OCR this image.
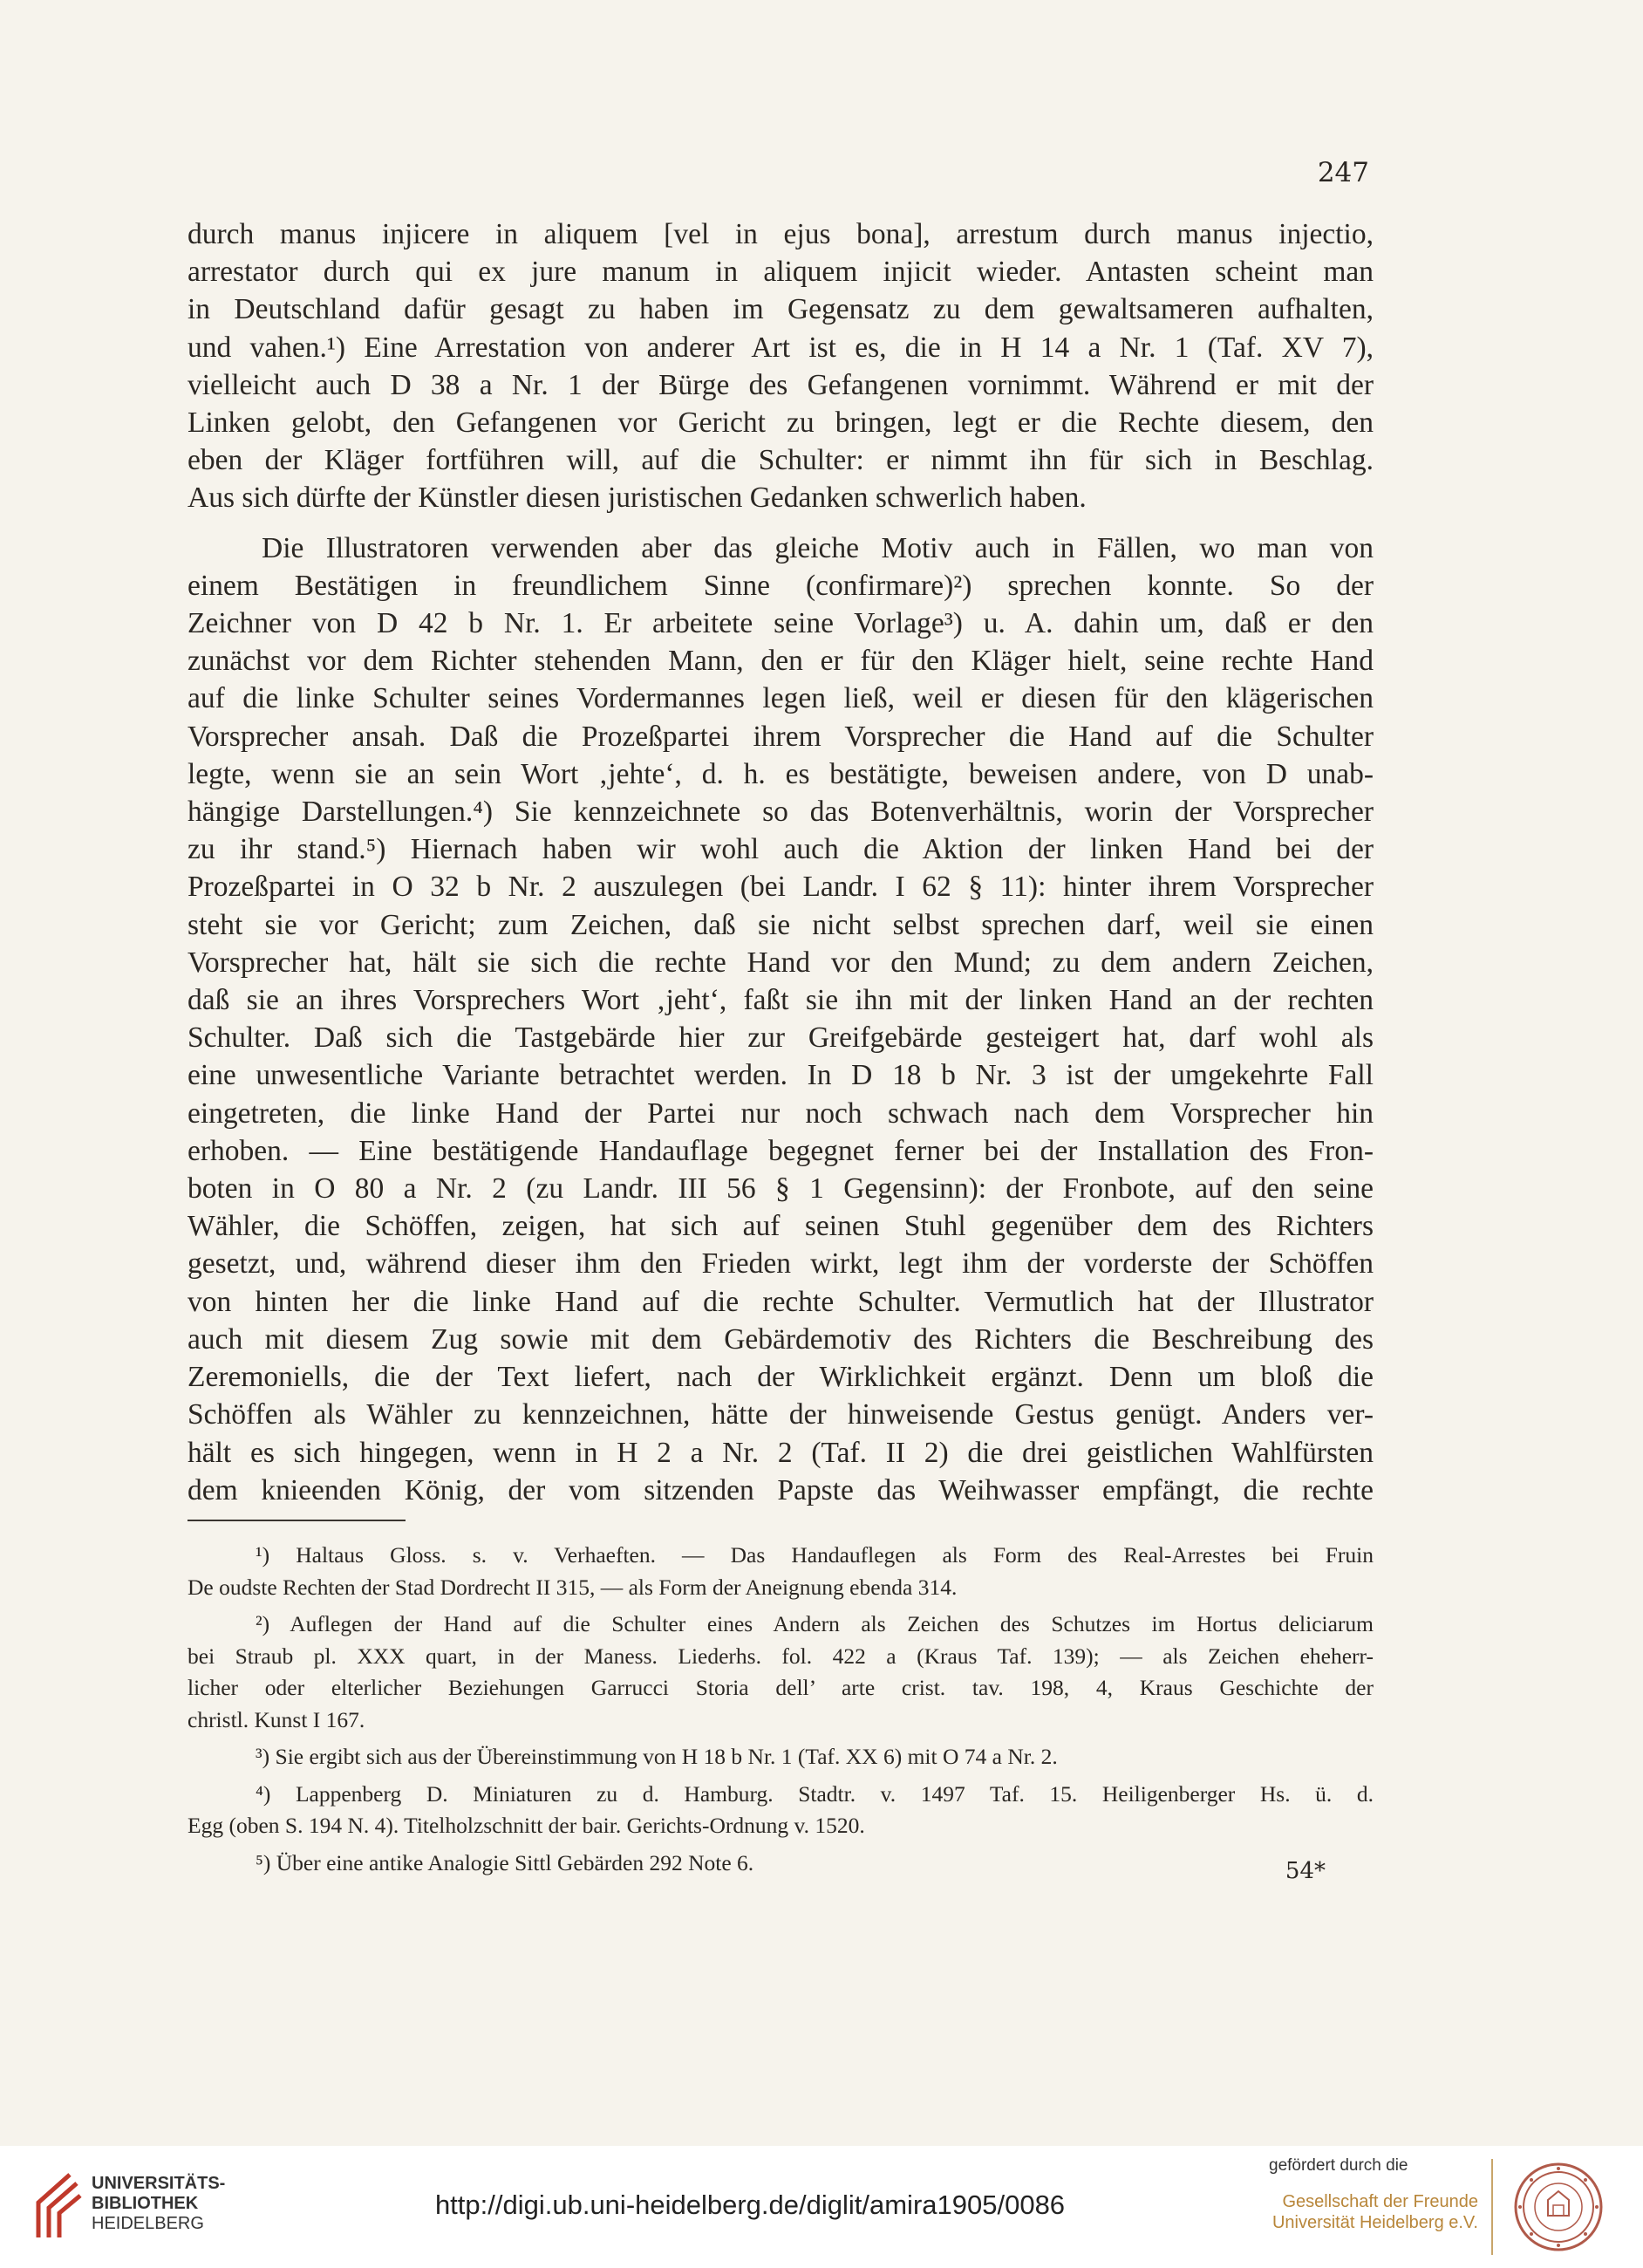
247
durch manus injicere in aliquem [vel in ejus bona], arrestum durch manus injectio,
arrestator durch qui ex jure manum in aliquem injicit wieder. Antasten scheint man
in Deutschland dafür gesagt zu haben im Gegensatz zu dem gewaltsameren aufhalten,
und vahen.¹) Eine Arrestation von anderer Art ist es, die in H 14 a Nr. 1 (Taf. XV 7),
vielleicht auch D 38 a Nr. 1 der Bürge des Gefangenen vornimmt. Während er mit der
Linken gelobt, den Gefangenen vor Gericht zu bringen, legt er die Rechte diesem, den
eben der Kläger fortführen will, auf die Schulter: er nimmt ihn für sich in Beschlag.
Aus sich dürfte der Künstler diesen juristischen Gedanken schwerlich haben.
Die Illustratoren verwenden aber das gleiche Motiv auch in Fällen, wo man von
einem Bestätigen in freundlichem Sinne (confirmare)²) sprechen konnte. So der
Zeichner von D 42 b Nr. 1. Er arbeitete seine Vorlage³) u. A. dahin um, daß er den
zunächst vor dem Richter stehenden Mann, den er für den Kläger hielt, seine rechte Hand
auf die linke Schulter seines Vordermannes legen ließ, weil er diesen für den klägerischen
Vorsprecher ansah. Daß die Prozeßpartei ihrem Vorsprecher die Hand auf die Schulter
legte, wenn sie an sein Wort ‚jehte‘, d. h. es bestätigte, beweisen andere, von D unab-
hängige Darstellungen.⁴) Sie kennzeichnete so das Botenverhältnis, worin der Vorsprecher
zu ihr stand.⁵) Hiernach haben wir wohl auch die Aktion der linken Hand bei der
Prozeßpartei in O 32 b Nr. 2 auszulegen (bei Landr. I 62 § 11): hinter ihrem Vorsprecher
steht sie vor Gericht; zum Zeichen, daß sie nicht selbst sprechen darf, weil sie einen
Vorsprecher hat, hält sie sich die rechte Hand vor den Mund; zu dem andern Zeichen,
daß sie an ihres Vorsprechers Wort ‚jeht‘, faßt sie ihn mit der linken Hand an der rechten
Schulter. Daß sich die Tastgebärde hier zur Greifgebärde gesteigert hat, darf wohl als
eine unwesentliche Variante betrachtet werden. In D 18 b Nr. 3 ist der umgekehrte Fall
eingetreten, die linke Hand der Partei nur noch schwach nach dem Vorsprecher hin
erhoben. — Eine bestätigende Handauflage begegnet ferner bei der Installation des Fron-
boten in O 80 a Nr. 2 (zu Landr. III 56 § 1 Gegensinn): der Fronbote, auf den seine
Wähler, die Schöffen, zeigen, hat sich auf seinen Stuhl gegenüber dem des Richters
gesetzt, und, während dieser ihm den Frieden wirkt, legt ihm der vorderste der Schöffen
von hinten her die linke Hand auf die rechte Schulter. Vermutlich hat der Illustrator
auch mit diesem Zug sowie mit dem Gebärdemotiv des Richters die Beschreibung des
Zeremoniells, die der Text liefert, nach der Wirklichkeit ergänzt. Denn um bloß die
Schöffen als Wähler zu kennzeichnen, hätte der hinweisende Gestus genügt. Anders ver-
hält es sich hingegen, wenn in H 2 a Nr. 2 (Taf. II 2) die drei geistlichen Wahlfürsten
dem knieenden König, der vom sitzenden Papste das Weihwasser empfängt, die rechte
¹) Haltaus Gloss. s. v. Verhaeften. — Das Handauflegen als Form des Real-Arrestes bei Fruin
De oudste Rechten der Stad Dordrecht II 315, — als Form der Aneignung ebenda 314.
²) Auflegen der Hand auf die Schulter eines Andern als Zeichen des Schutzes im Hortus deliciarum
bei Straub pl. XXX quart, in der Maness. Liederhs. fol. 422 a (Kraus Taf. 139); — als Zeichen eheherr-
licher oder elterlicher Beziehungen Garrucci Storia dell’ arte crist. tav. 198, 4, Kraus Geschichte der
christl. Kunst I 167.
³) Sie ergibt sich aus der Übereinstimmung von H 18 b Nr. 1 (Taf. XX 6) mit O 74 a Nr. 2.
⁴) Lappenberg D. Miniaturen zu d. Hamburg. Stadtr. v. 1497 Taf. 15. Heiligenberger Hs. ü. d.
Egg (oben S. 194 N. 4). Titelholzschnitt der bair. Gerichts-Ordnung v. 1520.
⁵) Über eine antike Analogie Sittl Gebärden 292 Note 6.	54*
UNIVERSITÄTS-
BIBLIOTHEK
HEIDELBERG
http://digi.ub.uni-heidelberg.de/diglit/amira1905/0086
gefördert durch die
Gesellschaft der Freunde
Universität Heidelberg e.V.
